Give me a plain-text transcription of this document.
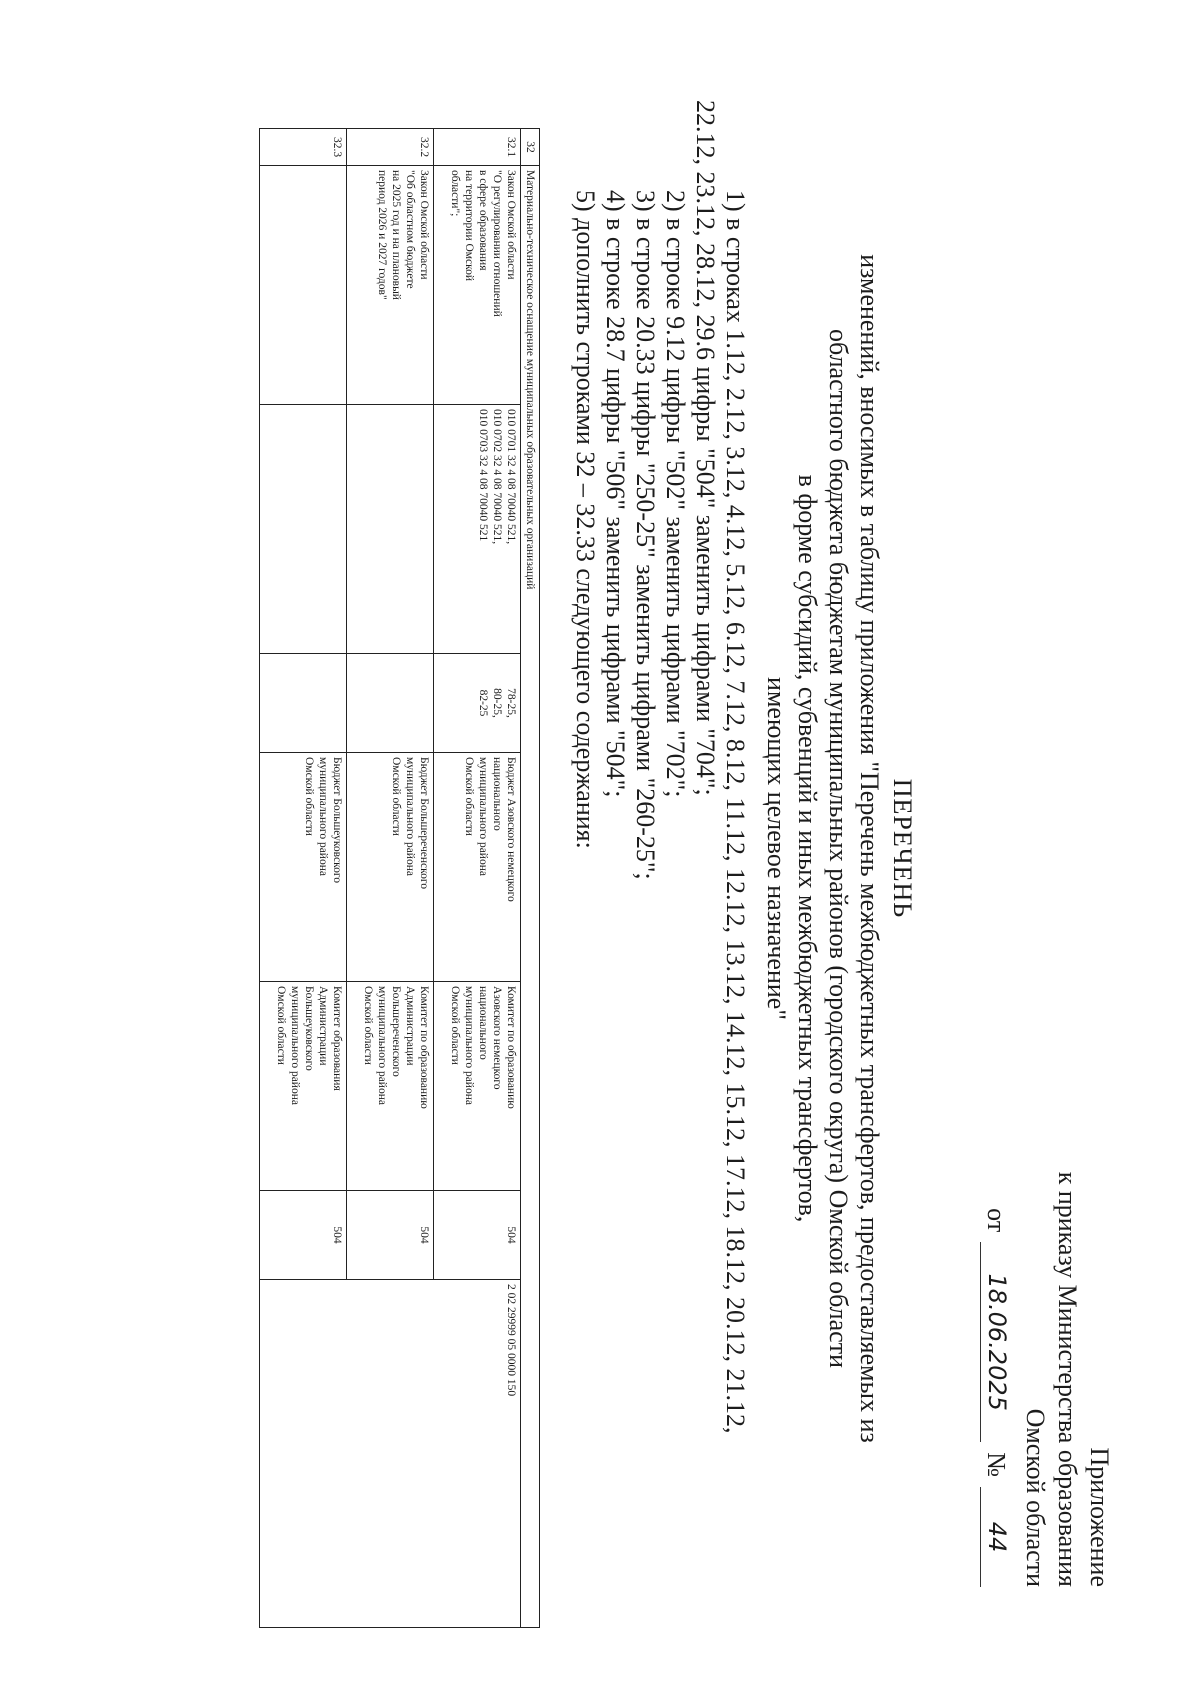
Приложение
к приказу Министерства образования
Омской области
от
18.06.2025
№
44
ПЕРЕЧЕНЬ
изменений, вносимых в таблицу приложения "Перечень межбюджетных трансфертов, предоставляемых из
областного бюджета бюджетам муниципальных районов (городского округа) Омской области
в форме субсидий, субвенций и иных межбюджетных трансфертов,
имеющих целевое назначение"

1) в строках 1.12, 2.12, 3.12, 4.12, 5.12, 6.12, 7.12, 8.12, 11.12, 12.12, 13.12, 14.12, 15.12, 17.12, 18.12, 20.12, 21.12,

22.12, 23.12, 28.12, 29.6 цифры "504" заменить цифрами "704";

2) в строке 9.12 цифры "502" заменить цифрами "702";

3) в строке 20.33 цифры "250-25" заменить цифрами "260-25";

4) в строке 28.7 цифры "506" заменить цифрами "504";

5) дополнить строками 32 – 32.33 следующего содержания:

32	Материально-техническое оснащение муниципальных образовательных организаций						
32.1	Закон Омской области
"О регулировании отношений
в сфере образования
на территории Омской
области";	010 0701 32 4 08 70040 521,
010 0702 32 4 08 70040 521,
010 0703 32 4 08 70040 521	78-25,
80-25,
82-25	Бюджет Азовского немецкого
национального
муниципального района
Омской области	Комитет по образованию
Азовского немецкого
национального
муниципального района
Омской области	504	2 02 29999 05 0000 150
32.2	Закон Омской области
"Об областном бюджете
на 2025 год и на плановый
период 2026 и 2027 годов"			Бюджет Большереченского
муниципального района
Омской области	Комитет по образованию
Администрации
Большереченского
муниципального района
Омской области	504	
32.3				Бюджет Большеуковского
муниципального района
Омской области	Комитет образования
Администрации
Большеуковского
муниципального района
Омской области	504	
